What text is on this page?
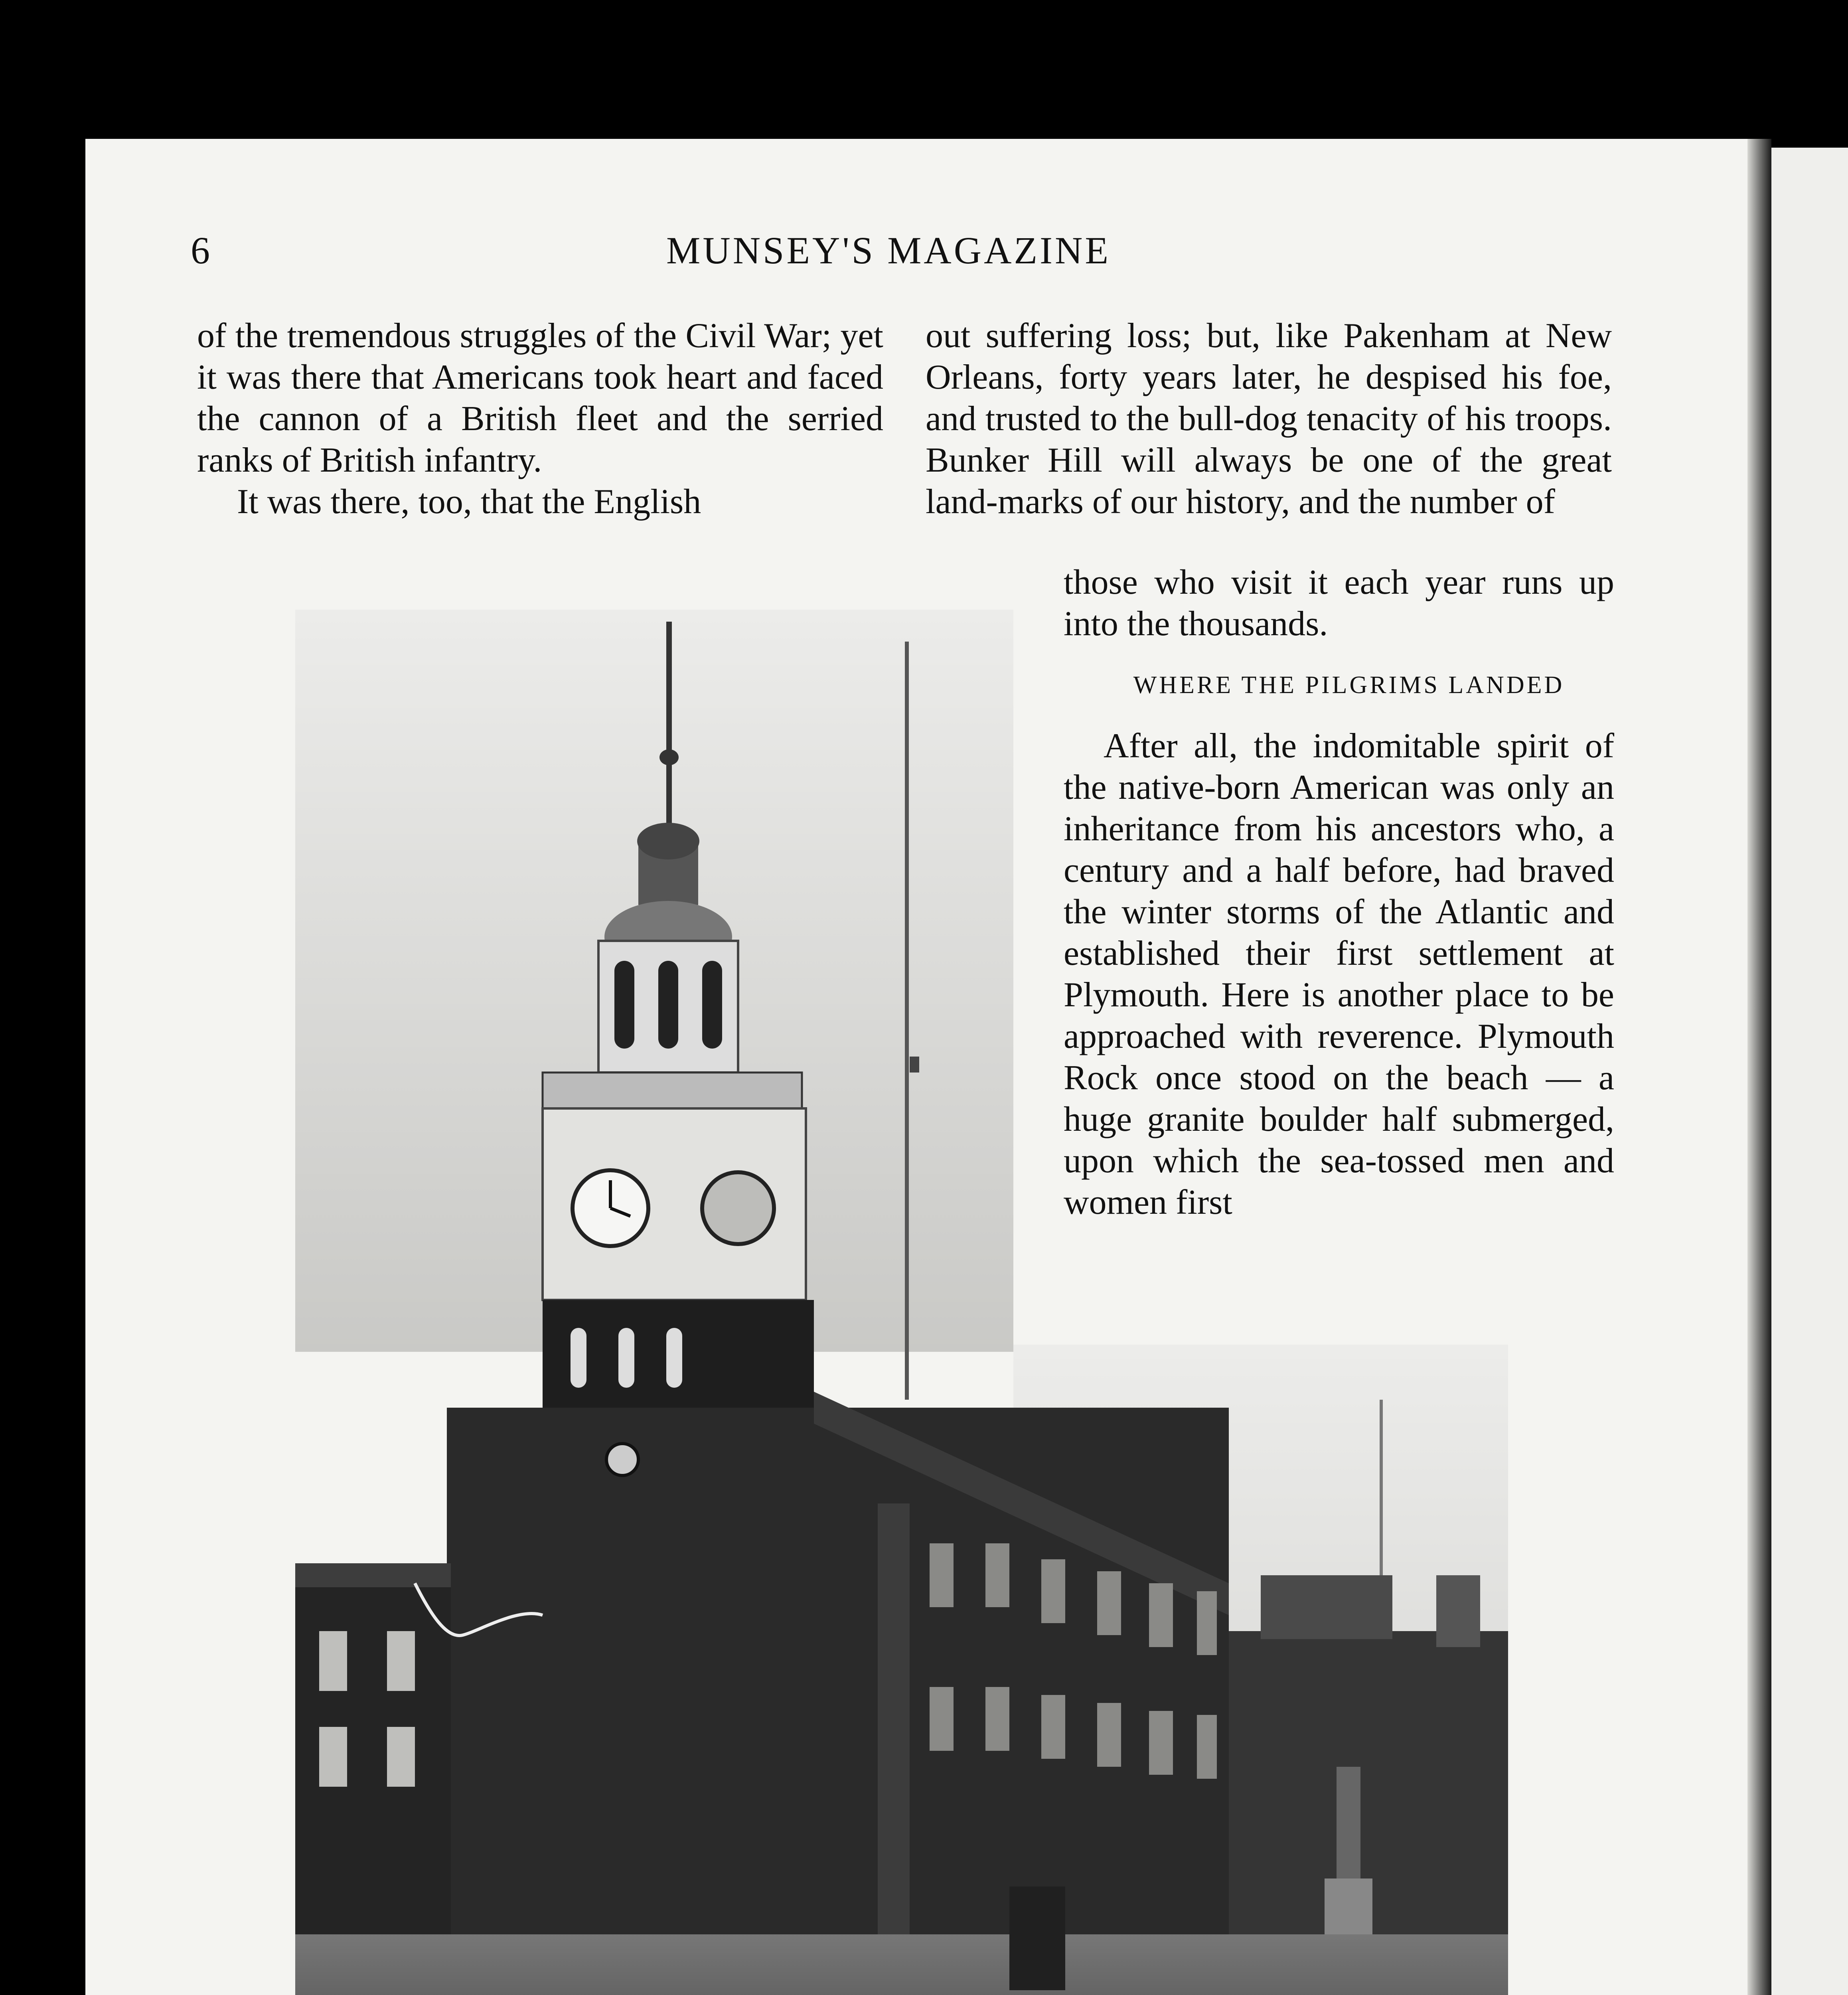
6	MUNSEY'S MAGAZINE

of the tremendous struggles of the Civil War; yet it was there that Americans took heart and faced the cannon of a British fleet and the serried ranks of British infantry.

It was there, too, that the English

out suffering loss; but, like Pakenham at New Orleans, forty years later, he despised his foe, and trusted to the bull-dog tenacity of his troops. Bunker Hill will always be one of the great land-marks of our history, and the number of

those who visit it each year runs up into the thousands.

WHERE THE PILGRIMS LANDED

After all, the indomitable spirit of the native-born American was only an inheritance from his ancestors who, a century and a half before, had braved the winter storms of the Atlantic and established their first settlement at Plymouth. Here is another place to be approached with reverence. Plymouth Rock once stood on the beach — a huge granite boulder half submerged, upon which the sea-tossed men and women first
